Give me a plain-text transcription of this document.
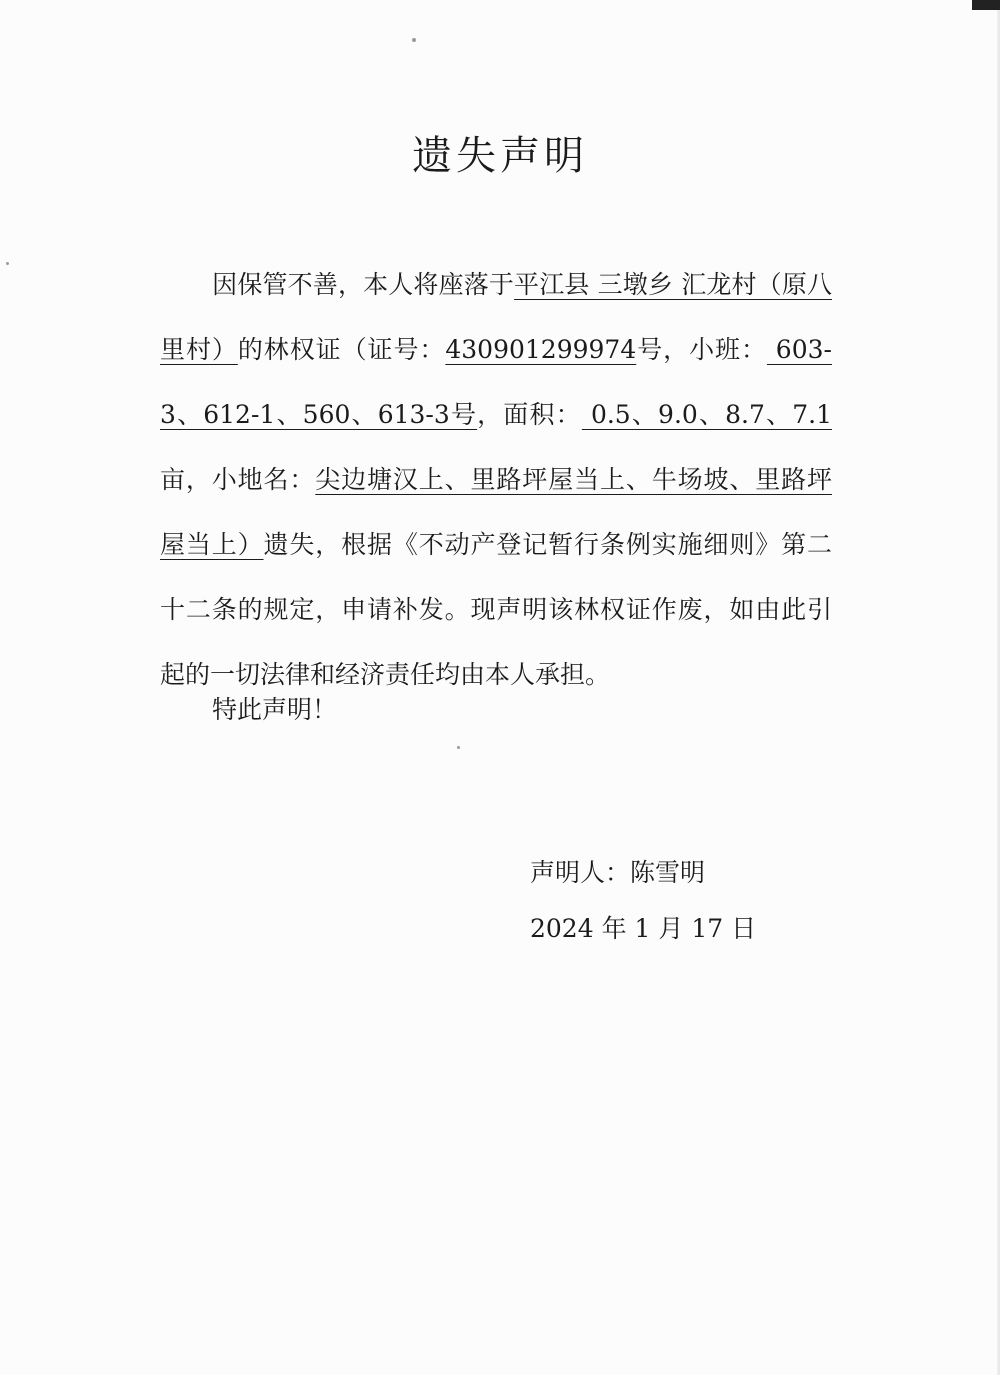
遗失声明

因保管不善，本人将座落于平江县 三墩乡 汇龙村（原八里村）的林权证（证号：430901299974号，小班： 603-3、612-1、560、613-3号，面积： 0.5、9.0、8.7、7.1亩，小地名：尖边塘汉上、里路坪屋当上、牛场坡、里路坪屋当上）遗失，根据《不动产登记暂行条例实施细则》第二十二条的规定，申请补发。现声明该林权证作废，如由此引起的一切法律和经济责任均由本人承担。

特此声明！

声明人：陈雪明
2024 年 1 月 17 日
